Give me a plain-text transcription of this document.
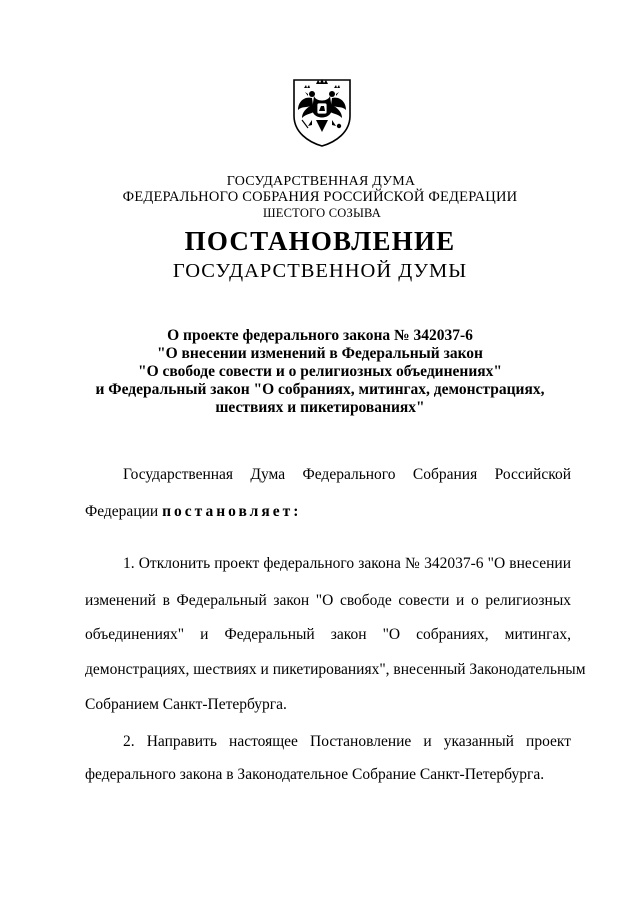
ГОСУДАРСТВЕННАЯ ДУМА
ФЕДЕРАЛЬНОГО СОБРАНИЯ РОССИЙСКОЙ ФЕДЕРАЦИИ
ШЕСТОГО СОЗЫВА
ПОСТАНОВЛЕНИЕ
ГОСУДАРСТВЕННОЙ ДУМЫ
О проекте федерального закона № 342037-6
"О внесении изменений в Федеральный закон
"О свободе совести и о религиозных объединениях"
и Федеральный закон "О собраниях, митингах, демонстрациях,
шествиях и пикетированиях"
Государственная Дума Федерального Собрания Российской
Федерации постановляет:
1. Отклонить проект федерального закона № 342037-6 "О внесении
изменений в Федеральный закон "О свободе совести и о религиозных
объединениях" и Федеральный закон "О собраниях, митингах,
демонстрациях, шествиях и пикетированиях", внесенный Законодательным
Собранием Санкт-Петербурга.
2. Направить настоящее Постановление и указанный проект
федерального закона в Законодательное Собрание Санкт-Петербурга.
